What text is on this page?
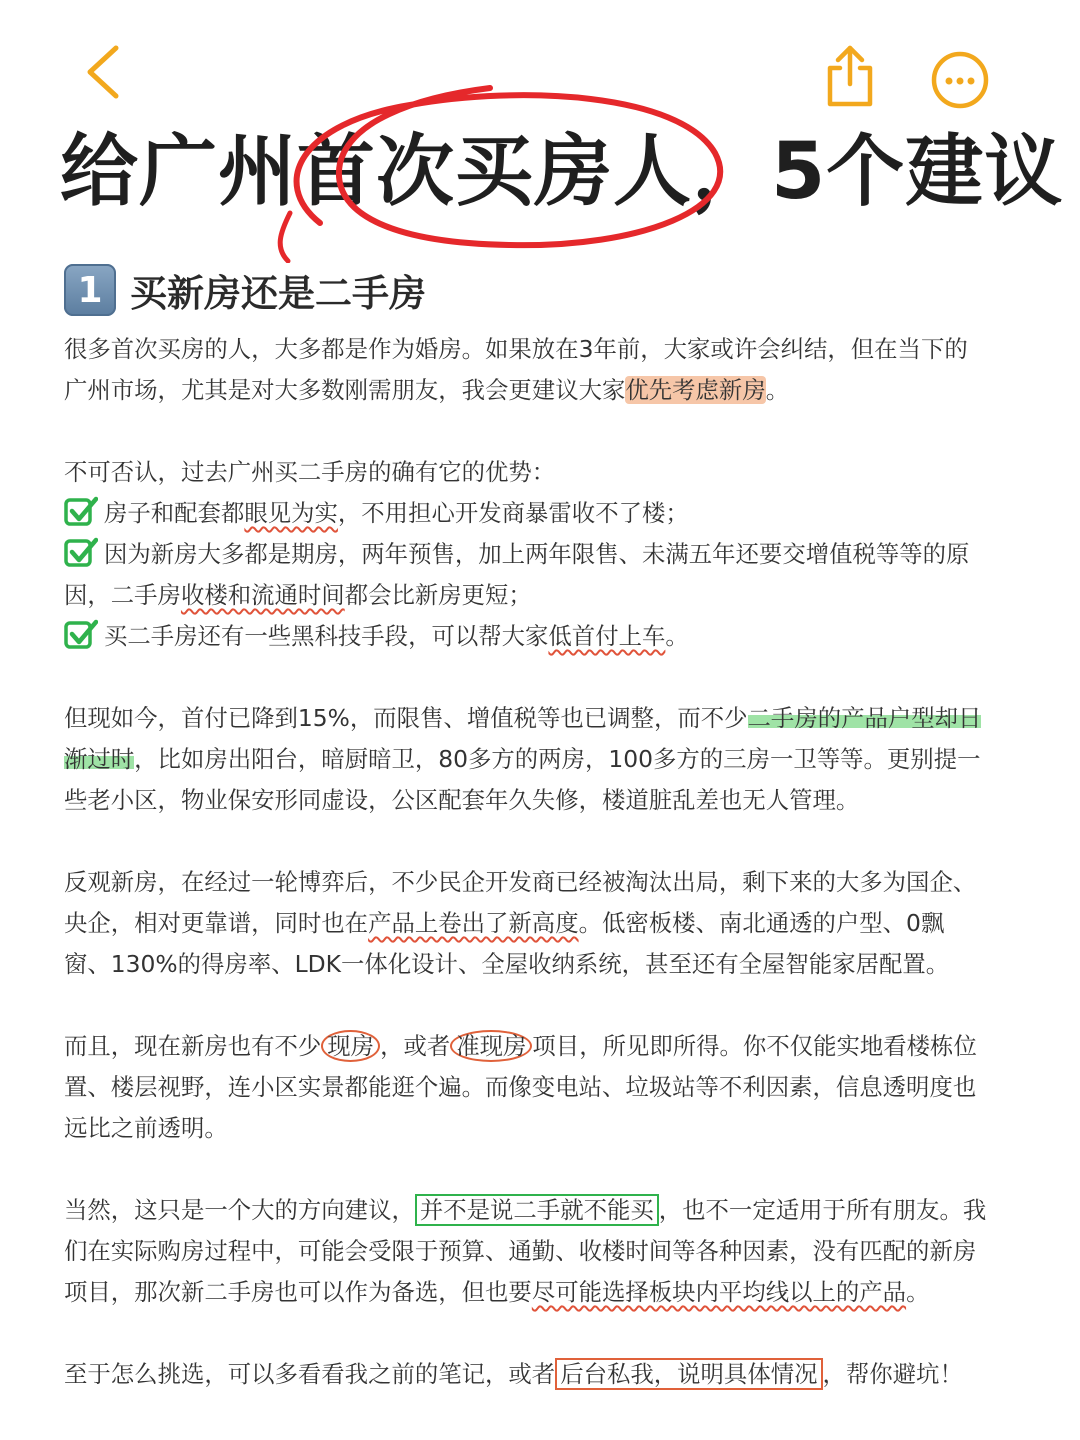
给广州首次买房人，5个建议
1 买新房还是二手房
很多首次买房的人，大多都是作为婚房。如果放在3年前，大家或许会纠结，但在当下的
广州市场，尤其是对大多数刚需朋友，我会更建议大家优先考虑新房。
不可否认，过去广州买二手房的确有它的优势：
房子和配套都眼见为实，不用担心开发商暴雷收不了楼；
因为新房大多都是期房，两年预售，加上两年限售、未满五年还要交增值税等等的原
因，二手房收楼和流通时间都会比新房更短；
买二手房还有一些黑科技手段，可以帮大家低首付上车。
但现如今，首付已降到15%，而限售、增值税等也已调整，而不少二手房的产品户型却日
渐过时，比如房出阳台，暗厨暗卫，80多方的两房，100多方的三房一卫等等。更别提一
些老小区，物业保安形同虚设，公区配套年久失修，楼道脏乱差也无人管理。
反观新房，在经过一轮博弈后，不少民企开发商已经被淘汰出局，剩下来的大多为国企、
央企，相对更靠谱，同时也在产品上卷出了新高度。低密板楼、南北通透的户型、0飘
窗、130%的得房率、LDK一体化设计、全屋收纳系统，甚至还有全屋智能家居配置。
而且，现在新房也有不少 现房 ，或者 准现房 项目，所见即所得。你不仅能实地看楼栋位
置、楼层视野，连小区实景都能逛个遍。而像变电站、垃圾站等不利因素，信息透明度也
远比之前透明。
当然，这只是一个大的方向建议， 并不是说二手就不能买 ，也不一定适用于所有朋友。我
们在实际购房过程中，可能会受限于预算、通勤、收楼时间等各种因素，没有匹配的新房
项目，那次新二手房也可以作为备选，但也要尽可能选择板块内平均线以上的产品。
至于怎么挑选，可以多看看我之前的笔记，或者 后台私我，说明具体情况 ，帮你避坑！
